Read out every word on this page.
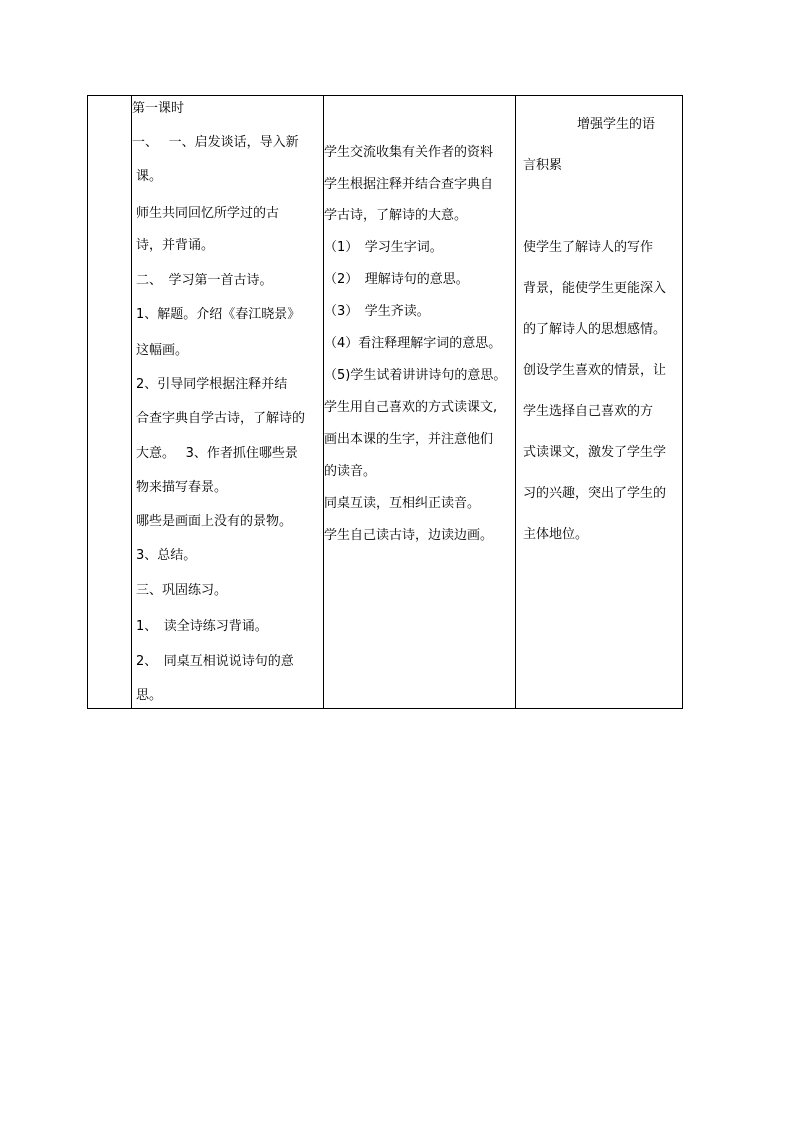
第一课时
一、　 一、启发谈话，导入新
课。
师生共同回忆所学过的古
诗，并背诵。
二、　学习第一首古诗。
1、解题。介绍《春江晓景》
这幅画。
2、引导同学根据注释并结
合查字典自学古诗，了解诗的
大意。　 3、作者抓住哪些景
物来描写春景。
哪些是画面上没有的景物。
3、总结。
三、巩固练习。
1、　读全诗练习背诵。
2、　同桌互相说说诗句的意
思。
学生交流收集有关作者的资料
学生根据注释并结合查字典自
学古诗，了解诗的大意。
（1）　学习生字词。
（2）　理解诗句的意思。
（3）　学生齐读。
（4）看注释理解字词的意思。
（5)学生试着讲讲诗句的意思。
学生用自己喜欢的方式读课文,
画出本课的生字，并注意他们
的读音。
同桌互读，互相纠正读音。
学生自己读古诗，边读边画。
增强学生的语
言积累
使学生了解诗人的写作
背景，能使学生更能深入
的了解诗人的思想感情。
创设学生喜欢的情景，让
学生选择自己喜欢的方
式读课文，激发了学生学
习的兴趣，突出了学生的
主体地位。
